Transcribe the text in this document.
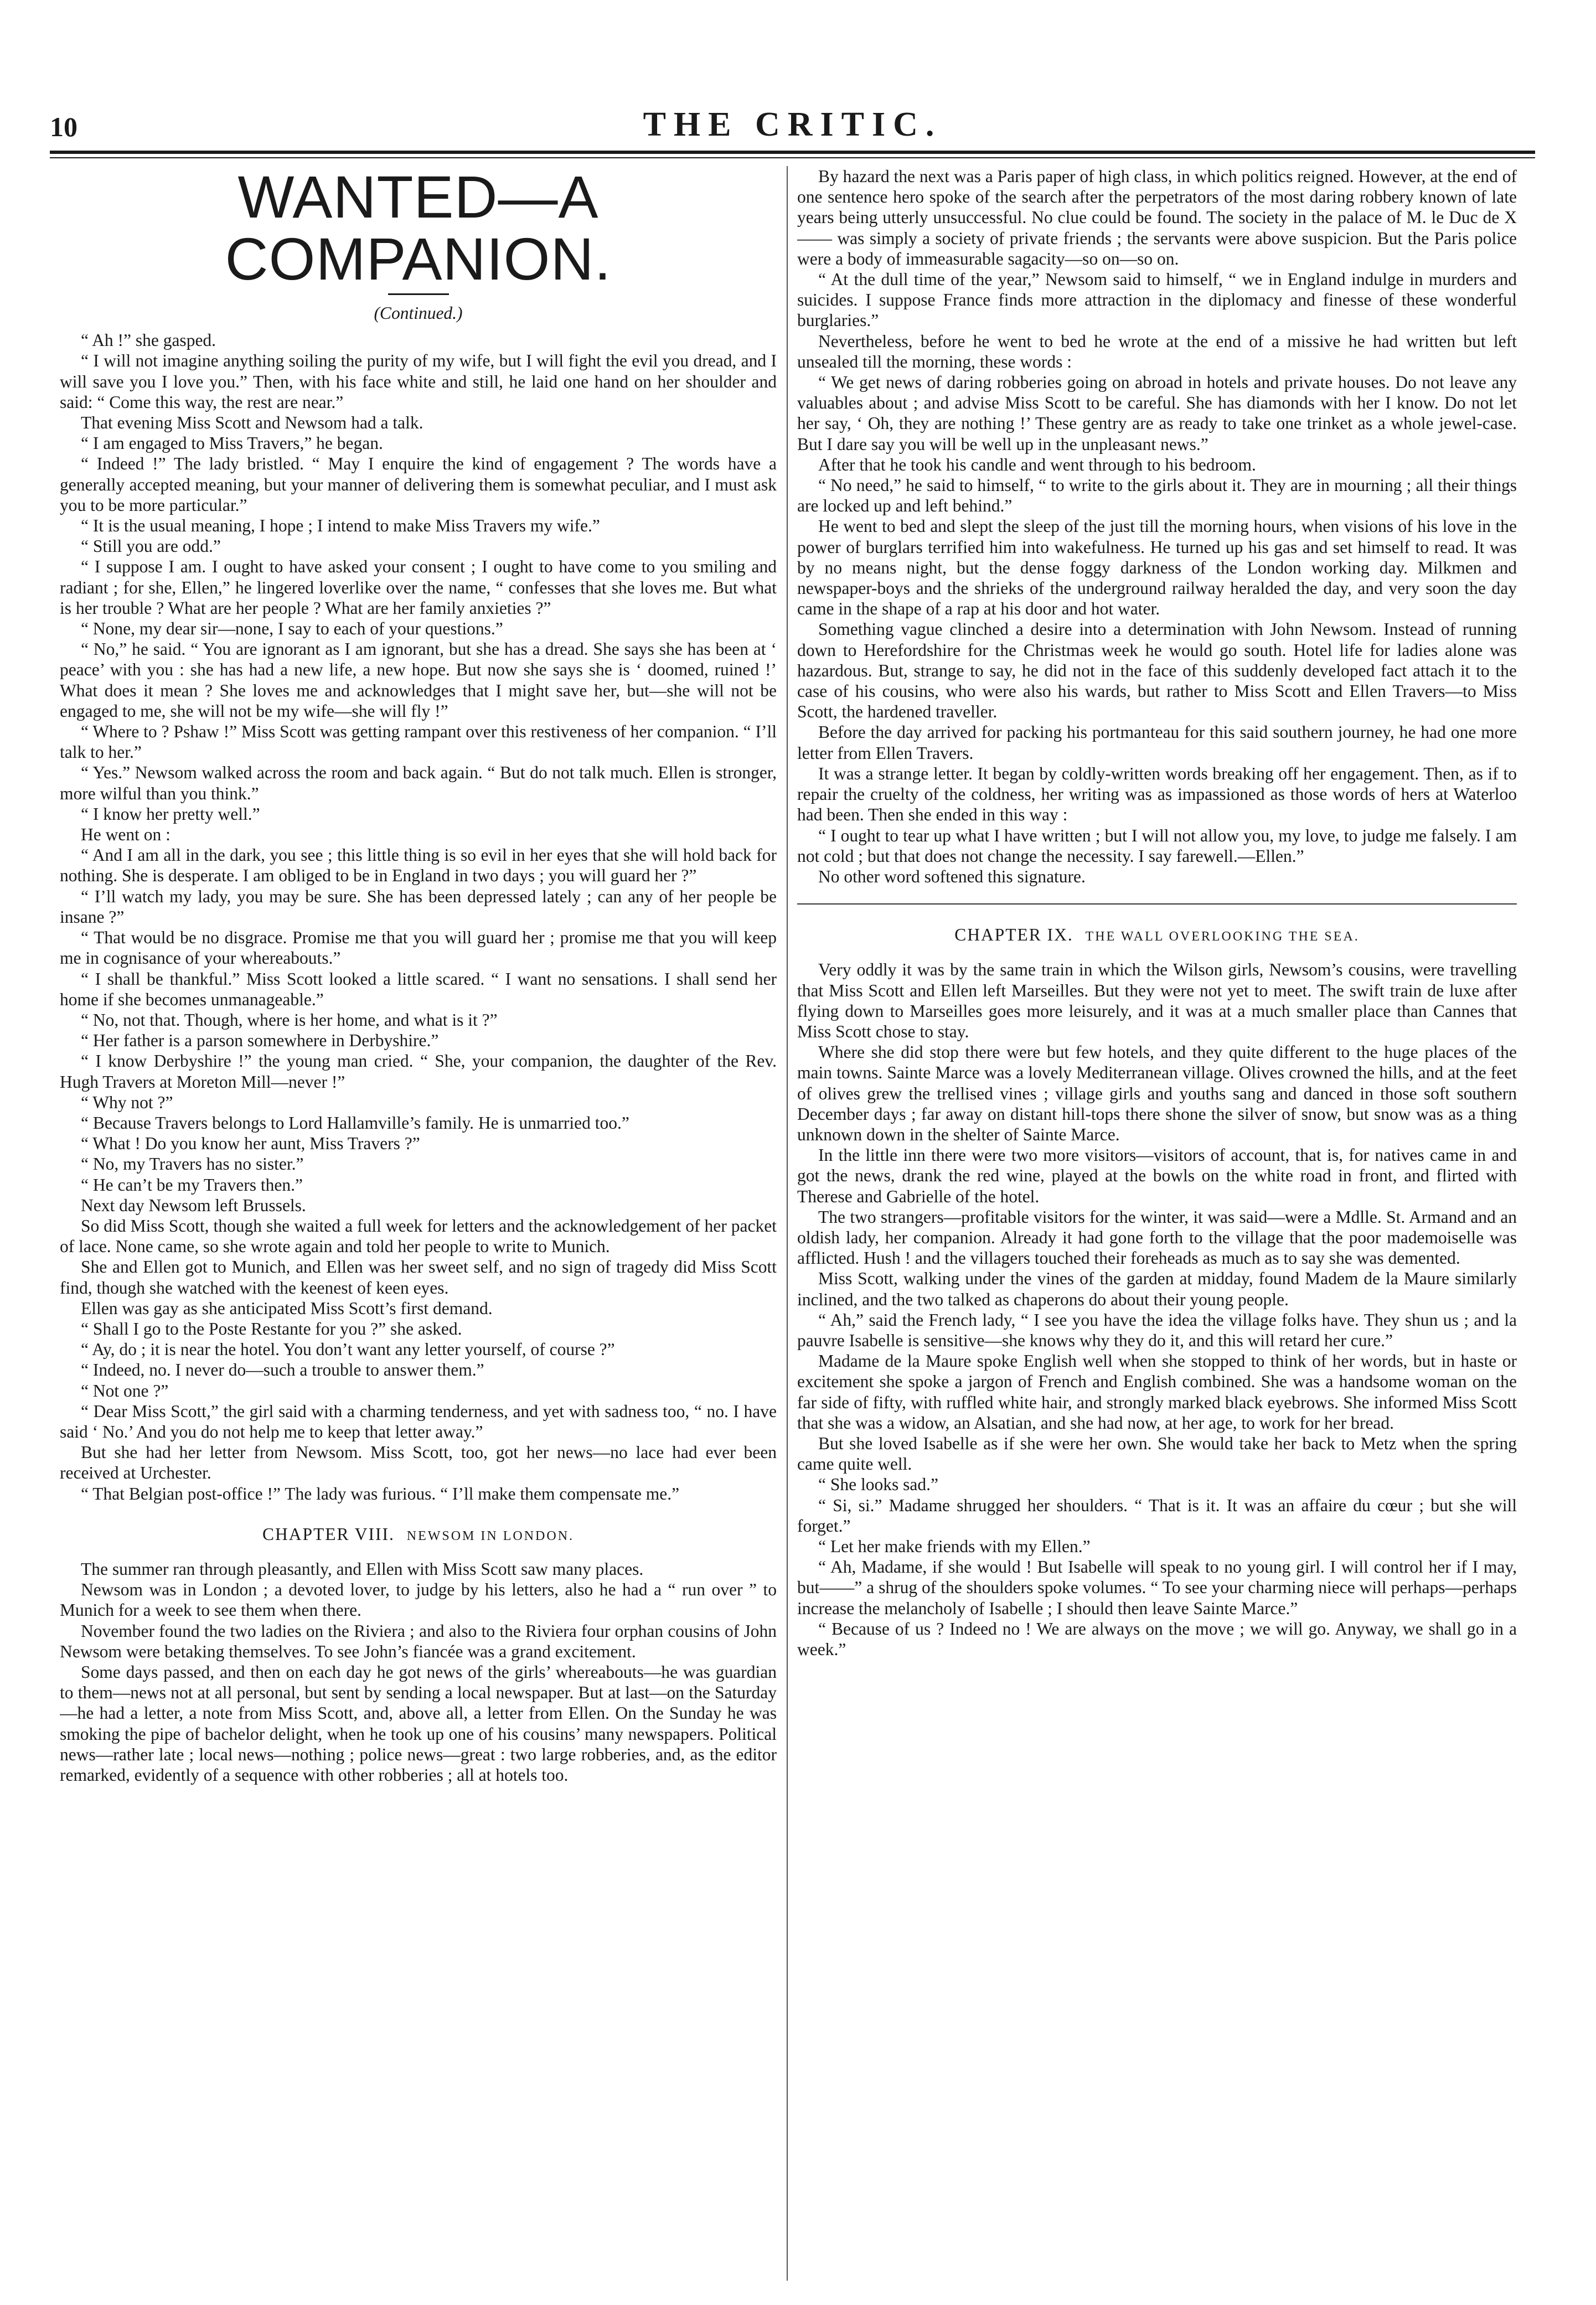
10	THE CRITIC.
WANTED—A COMPANION.
(Continued.)

“ Ah !” she gasped.

“ I will not imagine anything soiling the purity of my wife, but I will fight the evil you dread, and I will save you I love you.” Then, with his face white and still, he laid one hand on her shoulder and said: “ Come this way, the rest are near.”

That evening Miss Scott and Newsom had a talk.

“ I am engaged to Miss Travers,” he began.

“ Indeed !” The lady bristled. “ May I enquire the kind of engagement ? The words have a generally accepted meaning, but your manner of delivering them is somewhat peculiar, and I must ask you to be more particular.”

“ It is the usual meaning, I hope ; I intend to make Miss Travers my wife.”

“ Still you are odd.”

“ I suppose I am. I ought to have asked your consent ; I ought to have come to you smiling and radiant ; for she, Ellen,” he lingered loverlike over the name, “ confesses that she loves me. But what is her trouble ? What are her people ? What are her family anxieties ?”

“ None, my dear sir—none, I say to each of your questions.”

“ No,” he said. “ You are ignorant as I am ignorant, but she has a dread. She says she has been at ‘ peace’ with you : she has had a new life, a new hope. But now she says she is ‘ doomed, ruined !’ What does it mean ? She loves me and acknowledges that I might save her, but—she will not be engaged to me, she will not be my wife—she will fly !”

“ Where to ? Pshaw !” Miss Scott was getting rampant over this restiveness of her companion. “ I’ll talk to her.”

“ Yes.” Newsom walked across the room and back again. “ But do not talk much. Ellen is stronger, more wilful than you think.”

“ I know her pretty well.”

He went on :

“ And I am all in the dark, you see ; this little thing is so evil in her eyes that she will hold back for nothing. She is desperate. I am obliged to be in England in two days ; you will guard her ?”

“ I’ll watch my lady, you may be sure. She has been depressed lately ; can any of her people be insane ?”

“ That would be no disgrace. Promise me that you will guard her ; promise me that you will keep me in cognisance of your whereabouts.”

“ I shall be thankful.” Miss Scott looked a little scared. “ I want no sensations. I shall send her home if she becomes unmanageable.”

“ No, not that. Though, where is her home, and what is it ?”

“ Her father is a parson somewhere in Derbyshire.”

“ I know Derbyshire !” the young man cried. “ She, your companion, the daughter of the Rev. Hugh Travers at Moreton Mill—never !”

“ Why not ?”

“ Because Travers belongs to Lord Hallamville’s family. He is unmarried too.”

“ What ! Do you know her aunt, Miss Travers ?”

“ No, my Travers has no sister.”

“ He can’t be my Travers then.”

Next day Newsom left Brussels.

So did Miss Scott, though she waited a full week for letters and the acknowledgement of her packet of lace. None came, so she wrote again and told her people to write to Munich.

She and Ellen got to Munich, and Ellen was her sweet self, and no sign of tragedy did Miss Scott find, though she watched with the keenest of keen eyes.

Ellen was gay as she anticipated Miss Scott’s first demand.

“ Shall I go to the Poste Restante for you ?” she asked.

“ Ay, do ; it is near the hotel. You don’t want any letter yourself, of course ?”

“ Indeed, no. I never do—such a trouble to answer them.”

“ Not one ?”

“ Dear Miss Scott,” the girl said with a charming tenderness, and yet with sadness too, “ no. I have said ‘ No.’ And you do not help me to keep that letter away.”

But she had her letter from Newsom. Miss Scott, too, got her news—no lace had ever been received at Urchester.

“ That Belgian post-office !” The lady was furious. “ I’ll make them compensate me.”

CHAPTER VIII. NEWSOM IN LONDON.

The summer ran through pleasantly, and Ellen with Miss Scott saw many places.

Newsom was in London ; a devoted lover, to judge by his letters, also he had a “ run over ” to Munich for a week to see them when there.

November found the two ladies on the Riviera ; and also to the Riviera four orphan cousins of John Newsom were betaking themselves. To see John’s fiancée was a grand excitement.

Some days passed, and then on each day he got news of the girls’ whereabouts—he was guardian to them—news not at all personal, but sent by sending a local newspaper. But at last—on the Saturday—he had a letter, a note from Miss Scott, and, above all, a letter from Ellen. On the Sunday he was smoking the pipe of bachelor delight, when he took up one of his cousins’ many newspapers. Political news—rather late ; local news—nothing ; police news—great : two large robberies, and, as the editor remarked, evidently of a sequence with other robberies ; all at hotels too.

By hazard the next was a Paris paper of high class, in which politics reigned. However, at the end of one sentence hero spoke of the search after the perpetrators of the most daring robbery known of late years being utterly unsuccessful. No clue could be found. The society in the palace of M. le Duc de X—— was simply a society of private friends ; the servants were above suspicion. But the Paris police were a body of immeasurable sagacity—so on—so on.

“ At the dull time of the year,” Newsom said to himself, “ we in England indulge in murders and suicides. I suppose France finds more attraction in the diplomacy and finesse of these wonderful burglaries.”

Nevertheless, before he went to bed he wrote at the end of a missive he had written but left unsealed till the morning, these words :

“ We get news of daring robberies going on abroad in hotels and private houses. Do not leave any valuables about ; and advise Miss Scott to be careful. She has diamonds with her I know. Do not let her say, ‘ Oh, they are nothing !’ These gentry are as ready to take one trinket as a whole jewel-case. But I dare say you will be well up in the unpleasant news.”

After that he took his candle and went through to his bedroom.

“ No need,” he said to himself, “ to write to the girls about it. They are in mourning ; all their things are locked up and left behind.”

He went to bed and slept the sleep of the just till the morning hours, when visions of his love in the power of burglars terrified him into wakefulness. He turned up his gas and set himself to read. It was by no means night, but the dense foggy darkness of the London working day. Milkmen and newspaper-boys and the shrieks of the underground railway heralded the day, and very soon the day came in the shape of a rap at his door and hot water.

Something vague clinched a desire into a determination with John Newsom. Instead of running down to Herefordshire for the Christmas week he would go south. Hotel life for ladies alone was hazardous. But, strange to say, he did not in the face of this suddenly developed fact attach it to the case of his cousins, who were also his wards, but rather to Miss Scott and Ellen Travers—to Miss Scott, the hardened traveller.

Before the day arrived for packing his portmanteau for this said southern journey, he had one more letter from Ellen Travers.

It was a strange letter. It began by coldly-written words breaking off her engagement. Then, as if to repair the cruelty of the coldness, her writing was as impassioned as those words of hers at Waterloo had been. Then she ended in this way :

“ I ought to tear up what I have written ; but I will not allow you, my love, to judge me falsely. I am not cold ; but that does not change the necessity. I say farewell.—Ellen.”

No other word softened this signature.

CHAPTER IX. THE WALL OVERLOOKING THE SEA.

Very oddly it was by the same train in which the Wilson girls, Newsom’s cousins, were travelling that Miss Scott and Ellen left Marseilles. But they were not yet to meet. The swift train de luxe after flying down to Marseilles goes more leisurely, and it was at a much smaller place than Cannes that Miss Scott chose to stay.

Where she did stop there were but few hotels, and they quite different to the huge places of the main towns. Sainte Marce was a lovely Mediterranean village. Olives crowned the hills, and at the feet of olives grew the trellised vines ; village girls and youths sang and danced in those soft southern December days ; far away on distant hill-tops there shone the silver of snow, but snow was as a thing unknown down in the shelter of Sainte Marce.

In the little inn there were two more visitors—visitors of account, that is, for natives came in and got the news, drank the red wine, played at the bowls on the white road in front, and flirted with Therese and Gabrielle of the hotel.

The two strangers—profitable visitors for the winter, it was said—were a Mdlle. St. Armand and an oldish lady, her companion. Already it had gone forth to the village that the poor mademoiselle was afflicted. Hush ! and the villagers touched their foreheads as much as to say she was demented.

Miss Scott, walking under the vines of the garden at midday, found Madem de la Maure similarly inclined, and the two talked as chaperons do about their young people.

“ Ah,” said the French lady, “ I see you have the idea the village folks have. They shun us ; and la pauvre Isabelle is sensitive—she knows why they do it, and this will retard her cure.”

Madame de la Maure spoke English well when she stopped to think of her words, but in haste or excitement she spoke a jargon of French and English combined. She was a handsome woman on the far side of fifty, with ruffled white hair, and strongly marked black eyebrows. She informed Miss Scott that she was a widow, an Alsatian, and she had now, at her age, to work for her bread.

But she loved Isabelle as if she were her own. She would take her back to Metz when the spring came quite well.

“ She looks sad.”

“ Si, si.” Madame shrugged her shoulders. “ That is it. It was an affaire du cœur ; but she will forget.”

“ Let her make friends with my Ellen.”

“ Ah, Madame, if she would ! But Isabelle will speak to no young girl. I will control her if I may, but——” a shrug of the shoulders spoke volumes. “ To see your charming niece will perhaps—perhaps increase the melancholy of Isabelle ; I should then leave Sainte Marce.”

“ Because of us ? Indeed no ! We are always on the move ; we will go. Anyway, we shall go in a week.”
